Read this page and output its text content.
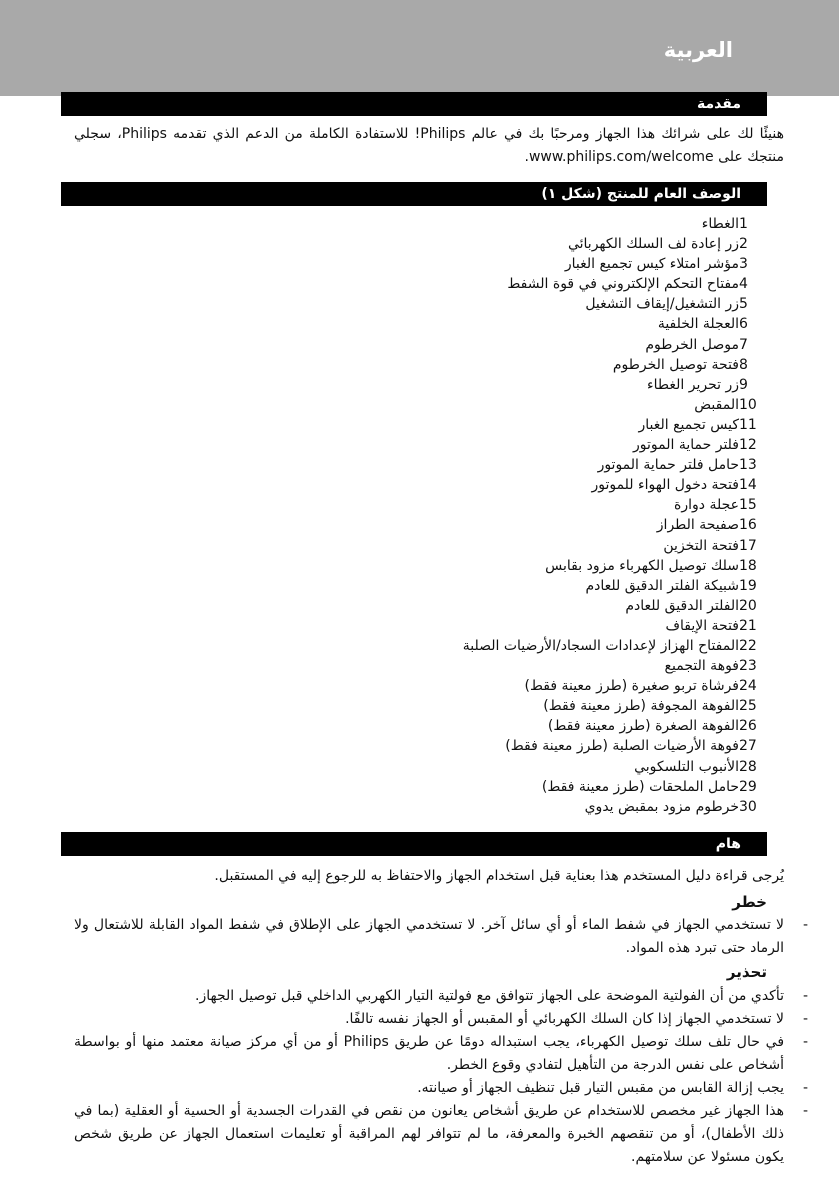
العربية
مقدمة

هنيئًا لك على شرائك هذا الجهاز ومرحبًا بك في عالم Philips! للاستفادة الكاملة من الدعم الذي تقدمه Philips، سجلي منتجك على www.philips.com/welcome.

الوصف العام للمنتج (شكل ١)
1الغطاء
2زر إعادة لف السلك الكهربائي
3مؤشر امتلاء كيس تجميع الغبار
4مفتاح التحكم الإلكتروني في قوة الشفط
5زر التشغيل/إيقاف التشغيل
6العجلة الخلفية
7موصل الخرطوم
8فتحة توصيل الخرطوم
9زر تحرير الغطاء
10المقبض
11كيس تجميع الغبار
12فلتر حماية الموتور
13حامل فلتر حماية الموتور
14فتحة دخول الهواء للموتور
15عجلة دوارة
16صفيحة الطراز
17فتحة التخزين
18سلك توصيل الكهرباء مزود بقابس
19شبيكة الفلتر الدقيق للعادم
20الفلتر الدقيق للعادم
21فتحة الإيقاف
22المفتاح الهزاز لإعدادات السجاد/الأرضيات الصلبة
23فوهة التجميع
24فرشاة تربو صغيرة (طرز معينة فقط)
25الفوهة المجوفة (طرز معينة فقط)
26الفوهة الصغرة (طرز معينة فقط)
27فوهة الأرضيات الصلبة (طرز معينة فقط)
28الأنبوب التلسكوبي
29حامل الملحقات (طرز معينة فقط)
30خرطوم مزود بمقبض يدوي
هام

يُرجى قراءة دليل المستخدم هذا بعناية قبل استخدام الجهاز والاحتفاظ به للرجوع إليه في المستقبل.

خطر
-
لا تستخدمي الجهاز في شفط الماء أو أي سائل آخر. لا تستخدمي الجهاز على الإطلاق في شفط المواد القابلة للاشتعال ولا الرماد حتى تبرد هذه المواد.
تحذير
-
تأكدي من أن الفولتية الموضحة على الجهاز تتوافق مع فولتية التيار الكهربي الداخلي قبل توصيل الجهاز.
-
لا تستخدمي الجهاز إذا كان السلك الكهربائي أو المقبس أو الجهاز نفسه تالفًا.
-
في حال تلف سلك توصيل الكهرباء، يجب استبداله دومًا عن طريق Philips أو من أي مركز صيانة معتمد منها أو بواسطة أشخاص على نفس الدرجة من التأهيل لتفادي وقوع الخطر.
-
يجب إزالة القابس من مقبس التيار قبل تنظيف الجهاز أو صيانته.
-
هذا الجهاز غير مخصص للاستخدام عن طريق أشخاص يعانون من نقص في القدرات الجسدية أو الحسية أو العقلية (بما في ذلك الأطفال)، أو من تنقصهم الخبرة والمعرفة، ما لم تتوافر لهم المراقبة أو تعليمات استعمال الجهاز عن طريق شخص يكون مسئولا عن سلامتهم.
